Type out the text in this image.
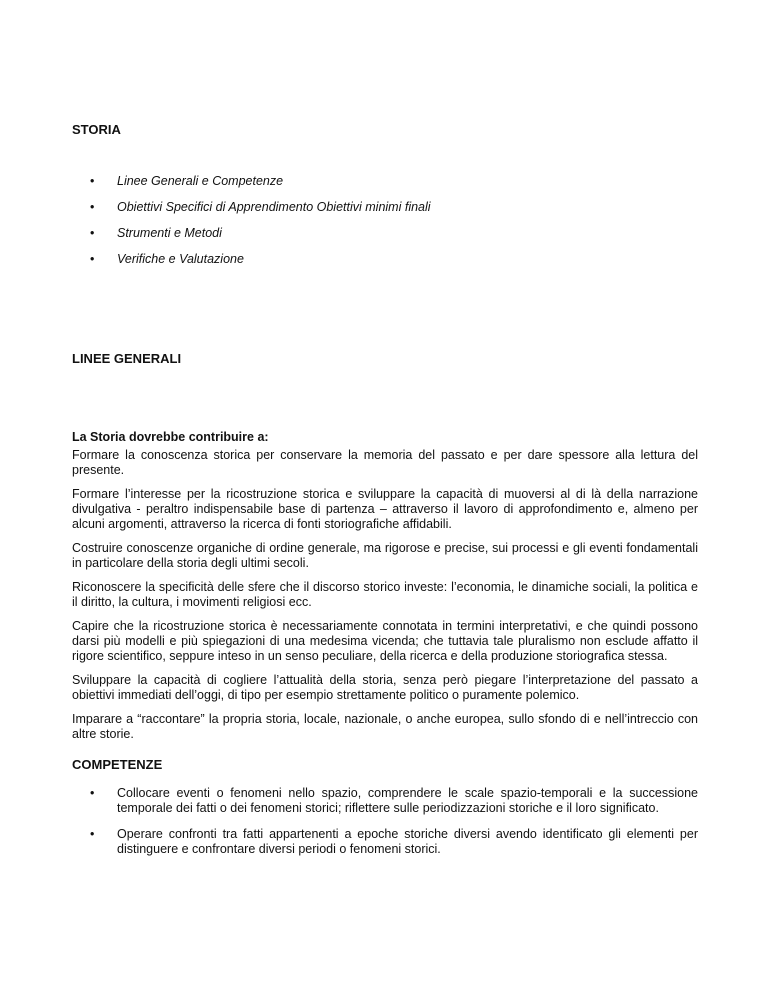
STORIA
• Linee Generali e Competenze
• Obiettivi Specifici di Apprendimento Obiettivi minimi finali
• Strumenti e Metodi
• Verifiche e Valutazione
LINEE GENERALI

La Storia dovrebbe contribuire a:

Formare la conoscenza storica per conservare la memoria del passato e per dare spessore alla lettura del presente.

Formare l’interesse per la ricostruzione storica e sviluppare la capacità di muoversi al di là della narrazione divulgativa - peraltro indispensabile base di partenza – attraverso il lavoro di approfondimento e, almeno per alcuni argomenti, attraverso la ricerca di fonti storiografiche affidabili.

Costruire conoscenze organiche di ordine generale, ma rigorose e precise, sui processi e gli eventi fondamentali in particolare della storia degli ultimi secoli.

Riconoscere la specificità delle sfere che il discorso storico investe: l’economia, le dinamiche sociali, la politica e il diritto, la cultura, i movimenti religiosi ecc.

Capire che la ricostruzione storica è necessariamente connotata in termini interpretativi, e che quindi possono darsi più modelli e più spiegazioni di una medesima vicenda; che tuttavia tale pluralismo non esclude affatto il rigore scientifico, seppure inteso in un senso peculiare, della ricerca e della produzione storiografica stessa.

Sviluppare la capacità di cogliere l’attualità della storia, senza però piegare l’interpretazione del passato a obiettivi immediati dell’oggi, di tipo per esempio strettamente politico o puramente polemico.

Imparare a “raccontare” la propria storia, locale, nazionale, o anche europea, sullo sfondo di e nell’intreccio con altre storie.

COMPETENZE
• Collocare eventi o fenomeni nello spazio, comprendere le scale spazio-temporali e la successione temporale dei fatti o dei fenomeni storici; riflettere sulle periodizzazioni storiche e il loro significato.
• Operare confronti tra fatti appartenenti a epoche storiche diversi avendo identificato gli elementi per distinguere e confrontare diversi periodi o fenomeni storici.
